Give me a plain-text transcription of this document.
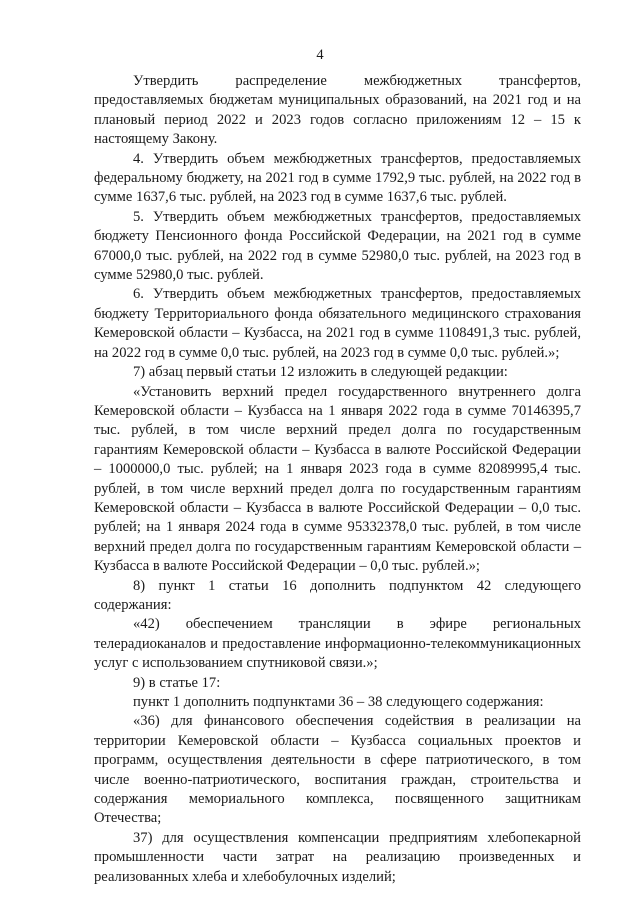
4

Утвердить распределение межбюджетных трансфертов, предоставляемых бюджетам муниципальных образований, на 2021 год и на плановый период 2022 и 2023 годов согласно приложениям 12 – 15 к настоящему Закону.

4. Утвердить объем межбюджетных трансфертов, предоставляемых федеральному бюджету, на 2021 год в сумме 1792,9 тыс. рублей, на 2022 год в сумме 1637,6 тыс. рублей, на 2023 год в сумме 1637,6 тыс. рублей.

5. Утвердить объем межбюджетных трансфертов, предоставляемых бюджету Пенсионного фонда Российской Федерации, на 2021 год в сумме 67000,0 тыс. рублей, на 2022 год в сумме 52980,0 тыс. рублей, на 2023 год в сумме 52980,0 тыс. рублей.

6. Утвердить объем межбюджетных трансфертов, предоставляемых бюджету Территориального фонда обязательного медицинского страхования Кемеровской области – Кузбасса, на 2021 год в сумме 1108491,3 тыс. рублей, на 2022 год в сумме 0,0 тыс. рублей, на 2023 год в сумме 0,0 тыс. рублей.»;

7) абзац первый статьи 12 изложить в следующей редакции:

«Установить верхний предел государственного внутреннего долга Кемеровской области – Кузбасса на 1 января 2022 года в сумме 70146395,7 тыс. рублей, в том числе верхний предел долга по государственным гарантиям Кемеровской области – Кузбасса в валюте Российской Федерации – 1000000,0 тыс. рублей; на 1 января 2023 года в сумме 82089995,4 тыс. рублей, в том числе верхний предел долга по государственным гарантиям Кемеровской области – Кузбасса в валюте Российской Федерации – 0,0 тыс. рублей; на 1 января 2024 года в сумме 95332378,0 тыс. рублей, в том числе верхний предел долга по государственным гарантиям Кемеровской области – Кузбасса в валюте Российской Федерации – 0,0 тыс. рублей.»;

8) пункт 1 статьи 16 дополнить подпунктом 42 следующего содержания:

«42) обеспечением трансляции в эфире региональных телерадиоканалов и предоставление информационно-телекоммуникационных услуг с использованием спутниковой связи.»;

9) в статье 17:

пункт 1 дополнить подпунктами 36 – 38 следующего содержания:

«36) для финансового обеспечения содействия в реализации на территории Кемеровской области – Кузбасса социальных проектов и программ, осуществления деятельности в сфере патриотического, в том числе военно-патриотического, воспитания граждан, строительства и содержания мемориального комплекса, посвященного защитникам Отечества;

37) для осуществления компенсации предприятиям хлебопекарной промышленности части затрат на реализацию произведенных и реализованных хлеба и хлебобулочных изделий;
